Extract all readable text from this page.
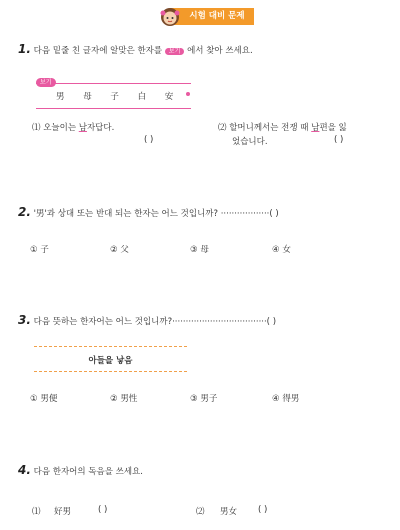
시험 대비 문제
1. 다음 밑줄 친 글자에 알맞은 한자를 보기 에서 찾아 쓰세요.
보기
男 母 子 白 安
⑴ 오늘이는 남자답다.
( )
⑵ 할머니께서는 전쟁 때 남편을 잃
었습니다.	( )
2. '男'과 상대 또는 반대 되는 한자는 어느 것입니까? ··················( )
① 子	② 父	③ 母	④ 女
3. 다음 뜻하는 한자어는 어느 것입니까?···································( )
아들을 낳음
① 男便	② 男性	③ 男子	④ 得男
4. 다음 한자어의 독음을 쓰세요.
⑴ 好男	( )	⑵ 男女 ( )
